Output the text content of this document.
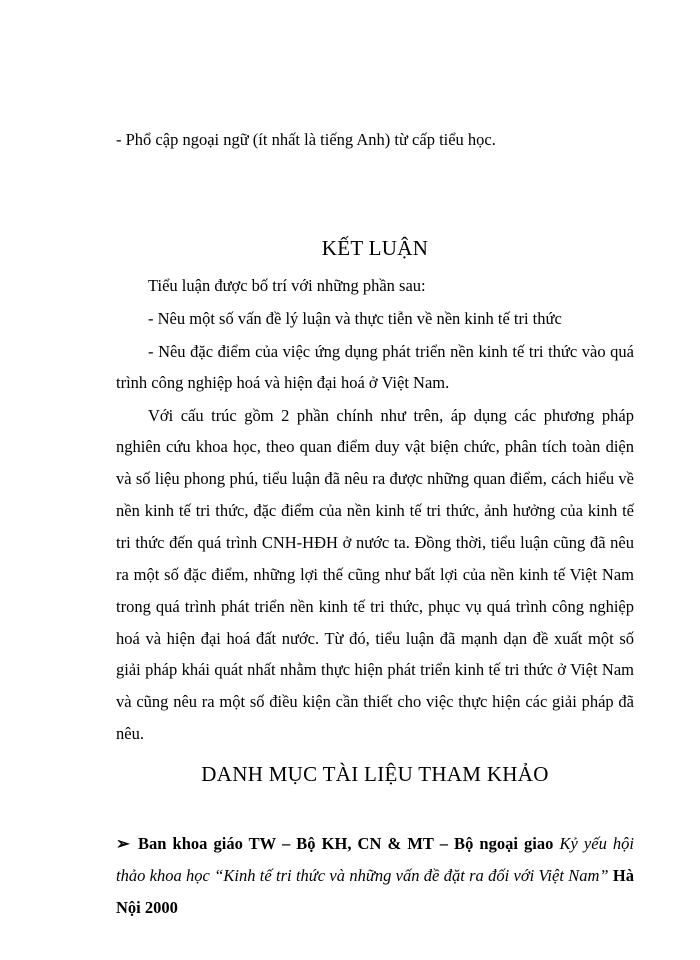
- Phổ cập ngoại ngữ (ít nhất là tiếng Anh) từ cấp tiểu học.
KẾT LUẬN
Tiểu luận được bố trí với những phần sau:
- Nêu một số vấn đề lý luận và thực tiễn về nền kinh tế tri thức
- Nêu đặc điểm của việc ứng dụng phát triển nền kinh tế tri thức vào quá
trình công nghiệp hoá và hiện đại hoá ở Việt Nam.
Với cấu trúc gồm 2 phần chính như trên, áp dụng các phương pháp
nghiên cứu khoa học, theo quan điểm duy vật biện chức, phân tích toàn diện
và số liệu phong phú, tiểu luận đã nêu ra được những quan điểm, cách hiểu về
nền kinh tế tri thức, đặc điểm của nền kinh tế tri thức, ảnh hưởng của kinh tế
tri thức đến quá trình CNH-HĐH ở nước ta. Đồng thời, tiểu luận cũng đã nêu
ra một số đặc điểm, những lợi thế cũng như bất lợi của nền kinh tế Việt Nam
trong quá trình phát triển nền kinh tế tri thức, phục vụ quá trình công nghiệp
hoá và hiện đại hoá đất nước. Từ đó, tiểu luận đã mạnh dạn đề xuất một số
giải pháp khái quát nhất nhằm thực hiện phát triển kinh tế tri thức ở Việt Nam
và cũng nêu ra một số điều kiện cần thiết cho việc thực hiện các giải pháp đã
nêu.
DANH MỤC TÀI LIỆU THAM KHẢO
➢ Ban khoa giáo TW – Bộ KH, CN & MT – Bộ ngoại giao Kỷ yếu hội
thảo khoa học “Kinh tế tri thức và những vấn đề đặt ra đối với Việt Nam” Hà
Nội 2000
